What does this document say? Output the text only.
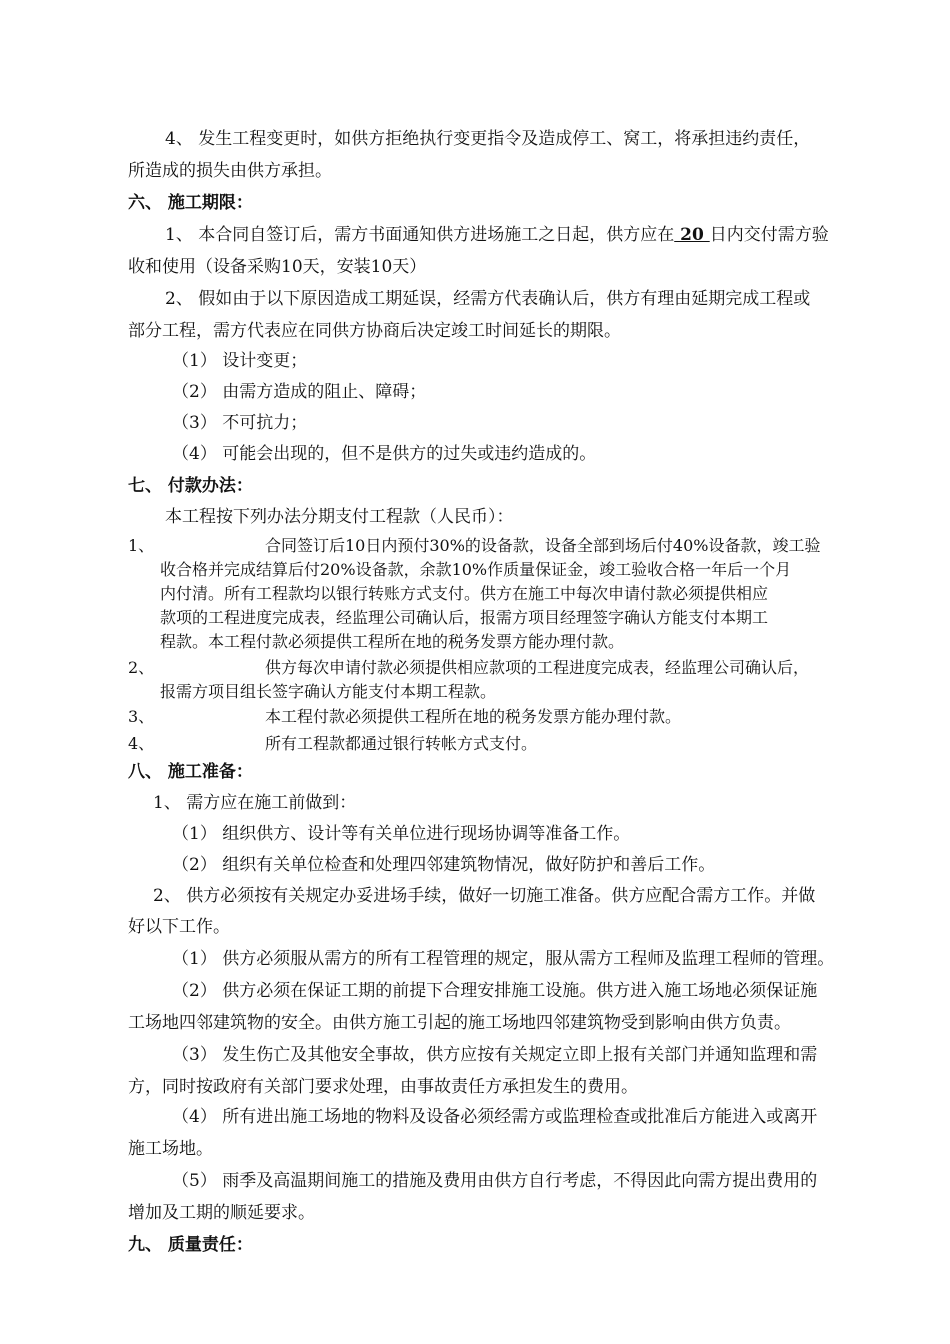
4、 发生工程变更时，如供方拒绝执行变更指令及造成停工、窝工，将承担违约责任，
所造成的损失由供方承担。
六、 施工期限：
1、 本合同自签订后，需方书面通知供方进场施工之日起，供方应在 20 日内交付需方验
收和使用（设备采购10天，安装10天）
2、 假如由于以下原因造成工期延误，经需方代表确认后，供方有理由延期完成工程或
部分工程，需方代表应在同供方协商后决定竣工时间延长的期限。
（1） 设计变更；
（2） 由需方造成的阻止、障碍；
（3） 不可抗力；
（4） 可能会出现的，但不是供方的过失或违约造成的。
七、 付款办法：
本工程按下列办法分期支付工程款（人民币）：
1、	合同签订后10日内预付30%的设备款，设备全部到场后付40%设备款，竣工验
收合格并完成结算后付20%设备款，余款10%作质量保证金，竣工验收合格一年后一个月
内付清。所有工程款均以银行转账方式支付。供方在施工中每次申请付款必须提供相应
款项的工程进度完成表，经监理公司确认后，报需方项目经理签字确认方能支付本期工
程款。本工程付款必须提供工程所在地的税务发票方能办理付款。
2、	供方每次申请付款必须提供相应款项的工程进度完成表，经监理公司确认后，
报需方项目组长签字确认方能支付本期工程款。
3、	本工程付款必须提供工程所在地的税务发票方能办理付款。
4、	所有工程款都通过银行转帐方式支付。
八、 施工准备：
1、 需方应在施工前做到：
（1） 组织供方、设计等有关单位进行现场协调等准备工作。
（2） 组织有关单位检查和处理四邻建筑物情况，做好防护和善后工作。
2、 供方必须按有关规定办妥进场手续，做好一切施工准备。供方应配合需方工作。并做
好以下工作。
（1） 供方必须服从需方的所有工程管理的规定，服从需方工程师及监理工程师的管理。
（2） 供方必须在保证工期的前提下合理安排施工设施。供方进入施工场地必须保证施
工场地四邻建筑物的安全。由供方施工引起的施工场地四邻建筑物受到影响由供方负责。
（3） 发生伤亡及其他安全事故，供方应按有关规定立即上报有关部门并通知监理和需
方，同时按政府有关部门要求处理，由事故责任方承担发生的费用。
（4） 所有进出施工场地的物料及设备必须经需方或监理检查或批准后方能进入或离开
施工场地。
（5） 雨季及高温期间施工的措施及费用由供方自行考虑，不得因此向需方提出费用的
增加及工期的顺延要求。
九、 质量责任：
